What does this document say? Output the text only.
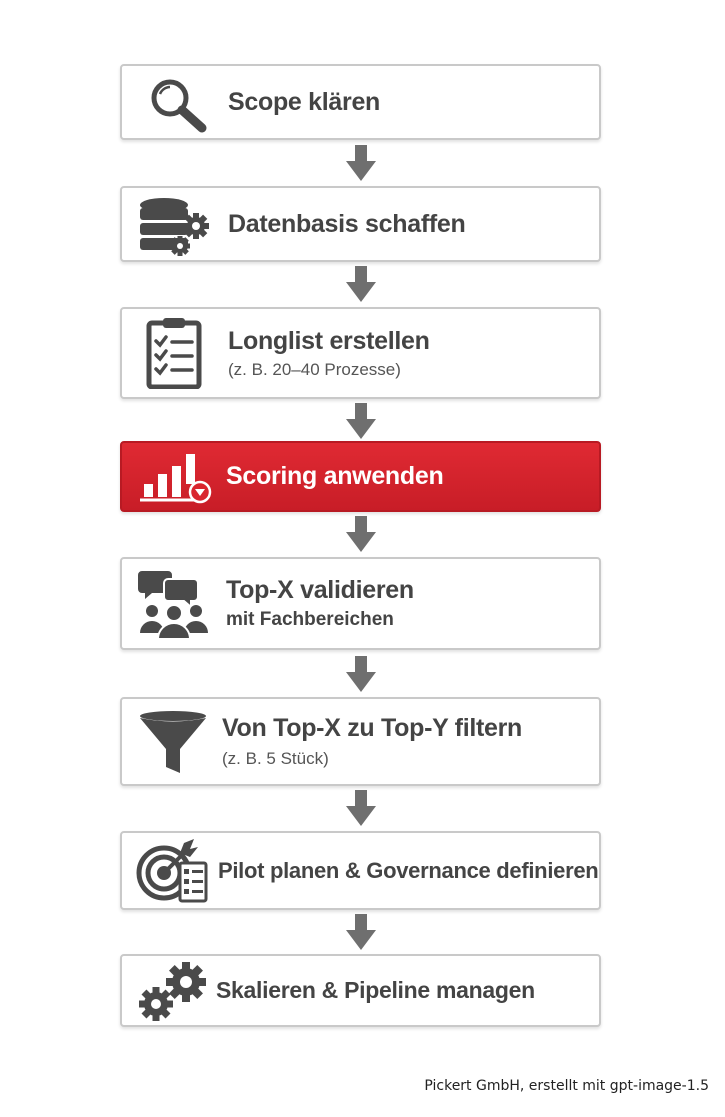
Scope klären
Datenbasis schaffen
Longlist erstellen
(z. B. 20–40 Prozesse)
Scoring anwenden
Top-X validieren
mit Fachbereichen
Von Top-X zu Top-Y filtern
(z. B. 5 Stück)
Pilot planen & Governance definieren
Skalieren & Pipeline managen
Pickert GmbH, erstellt mit gpt-image-1.5
